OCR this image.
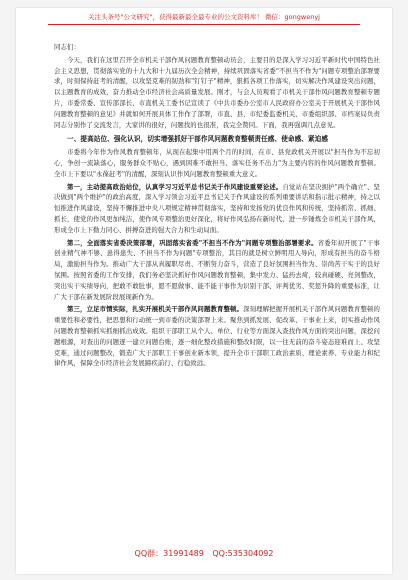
关注头条号"公文研究"，获得最新最全最专业的公文资料库！ 微信：gongwenyj

同志们：

今天，我们在这里召开全市机关干部作风问题教育整顿动员会，主要目的是深入学习习近平新时代中国特色社会主义思想，贯彻落实党的十九大和十九届历次全会精神，持续巩固落实省委"不担当不作为"问题专项整治部署要求，时刻保持赶考的清醒，以攻坚克难的韧劲和"钉钉子"精神，狠抓各项工作落实，切实解决作风建设突出问题，以主题教育的成效，奋力推动全市经济社会高质量发展。刚才，与会人员观看了市机关干部作风问题教育整顿专题片，市委常委、宣传部部长、市直机关工委书记宣读了《中共市委办公室市人民政府办公室关于开展机关干部作风问题教育整顿的意见》并就如何开展具体工作作了部署，市直、县、市纪委监委机关、市委组织部、市档案局负责同志分别作了交流发言，大家讲的很好，问题找的也很准，我完全赞同。下面，我再强调几点意见。

一、提高站位、强化认识，切实增强抓好干部作风问题教育整顿责任感、使命感、紧迫感

市委将今年作为作风教育整顿年，从现在起集中用两个月的时间，在市、县党政机关开展以"担当作为不忘初心，争创一流缺落心，服务群众不贴心，遇到困难不敢担当、落实任务不出力"为主要内容的作风问题教育整顿。全市上下要以"永葆赶考"的清醒，深刻认识作风问题教育整顿重大意义。

第一，主动提高政治站位，认真学习习近平总书记关于作风建设重要论述。自觉站在坚决拥护"两个确立"、坚决做到"两个维护"的政治高度，深入学习领会习近平总书记关于作风建设的系列重要讲话和指示批示精神，持之以恒推进作风建设，坚持不懈推进中央八项规定精神贯彻落实，坚持和发扬党的优良作风和传统，坚持抓常、抓细、抓长，使党的作风更加纯洁，使作风专项整治更好深化，将好作风弘扬在新时代，进一步锤炼全市机关干部作风，形成全市上下勤力同心、拼搏奋进的强大合力和生动局面。

第二，全面落实省委决策部署，巩固落实省委"不担当不作为"问题专项整治部署要求。省委年初开展了"干事创业精气神不够、患得患失、不担当不作为问题"专项整治，其目的就是树立鲜明用人导向，形成有担当的奋斗格局，激励担当作为。推动广大干部从真履职尽责、不断努力奋斗，营造了良好氛围担当作为、崇尚苦干实干的良好氛围。按照省委的工作安排，我们务必坚决抓好作风问题教育整顿，集中发力、猛药去疴，较真碰硬、亮剑整改，突出实干实绩导向，把敢不敢肚事，愿不愿做事、能不能干事作为识别干部、评判优劣、奖惩升降的重要标准，让广大干部在新发展阶段展现新作为。

第三，立足市情实际，扎实开展机关干部作风问题教育整顿。深刻理解把握开展机关干部作风问题教育整顿的重要性和必要性，把思想和行动统一到市委的决策部署上来。聚焦到抓发展、促改革、干事业上来，切实推动作风问题教育整顿抓实抓细抓出成效。组织干部职工从个人、单位、行业等方面深入查找作风方面的突出问题，深挖问题根源，对查出的问题逐一建立问题台账，逐一细化整改措施和整改时限，以一往无前的奋斗姿态迎难而上、攻坚克难，通过问题整改，锻造广大干部职工干事创业新本领，提升全市干部职工政治素质、理论素养、专业能力和纪律作风，保障全市经济社会发展蹄疾前行、行稳致远。

QQ群：31991489 QQ:535304092
